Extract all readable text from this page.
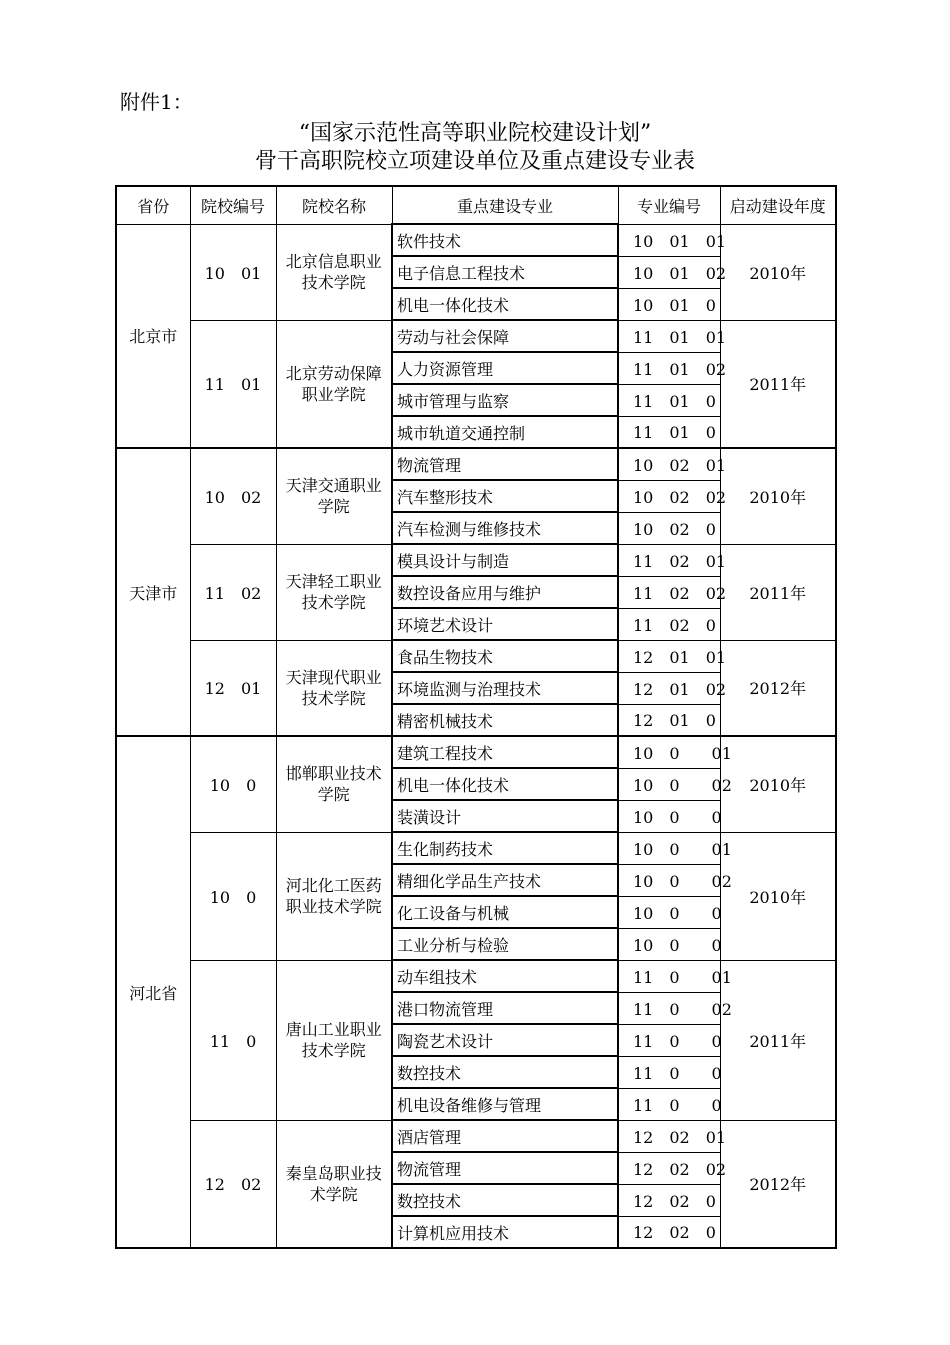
附件1：
“国家示范性高等职业院校建设计划”
骨干高职院校立项建设单位及重点建设专业表
省份	院校编号	院校名称	重点建设专业	专业编号	启动建设年度
北京市	10　01	北京信息职业技术学院	软件技术	10　01　01	2010年
			电子信息工程技术	10　01　02	
			机电一体化技术	10　01　0	
	11　01	北京劳动保障职业学院	劳动与社会保障	11　01　01	2011年
			人力资源管理	11　01　02	
			城市管理与监察	11　01　0	
			城市轨道交通控制	11　01　0	
天津市	10　02	天津交通职业学院	物流管理	10　02　01	2010年
			汽车整形技术	10　02　02	
			汽车检测与维修技术	10　02　0	
	11　02	天津轻工职业技术学院	模具设计与制造	11　02　01	2011年
			数控设备应用与维护	11　02　02	
			环境艺术设计	11　02　0	
	12　01	天津现代职业技术学院	食品生物技术	12　01　01	2012年
			环境监测与治理技术	12　01　02	
			精密机械技术	12　01　0	
河北省	10　0	邯郸职业技术学院	建筑工程技术	10　0　　01	2010年
			机电一体化技术	10　0　　02	
			装潢设计	10　0　　0	
	10　0	河北化工医药职业技术学院	生化制药技术	10　0　　01	2010年
			精细化学品生产技术	10　0　　02	
			化工设备与机械	10　0　　0	
			工业分析与检验	10　0　　0	
	11　0	唐山工业职业技术学院	动车组技术	11　0　　01	2011年
			港口物流管理	11　0　　02	
			陶瓷艺术设计	11　0　　0	
			数控技术	11　0　　0	
			机电设备维修与管理	11　0　　0	
	12　02	秦皇岛职业技术学院	酒店管理	12　02　01	2012年
			物流管理	12　02　02	
			数控技术	12　02　0	
			计算机应用技术	12　02　0	
